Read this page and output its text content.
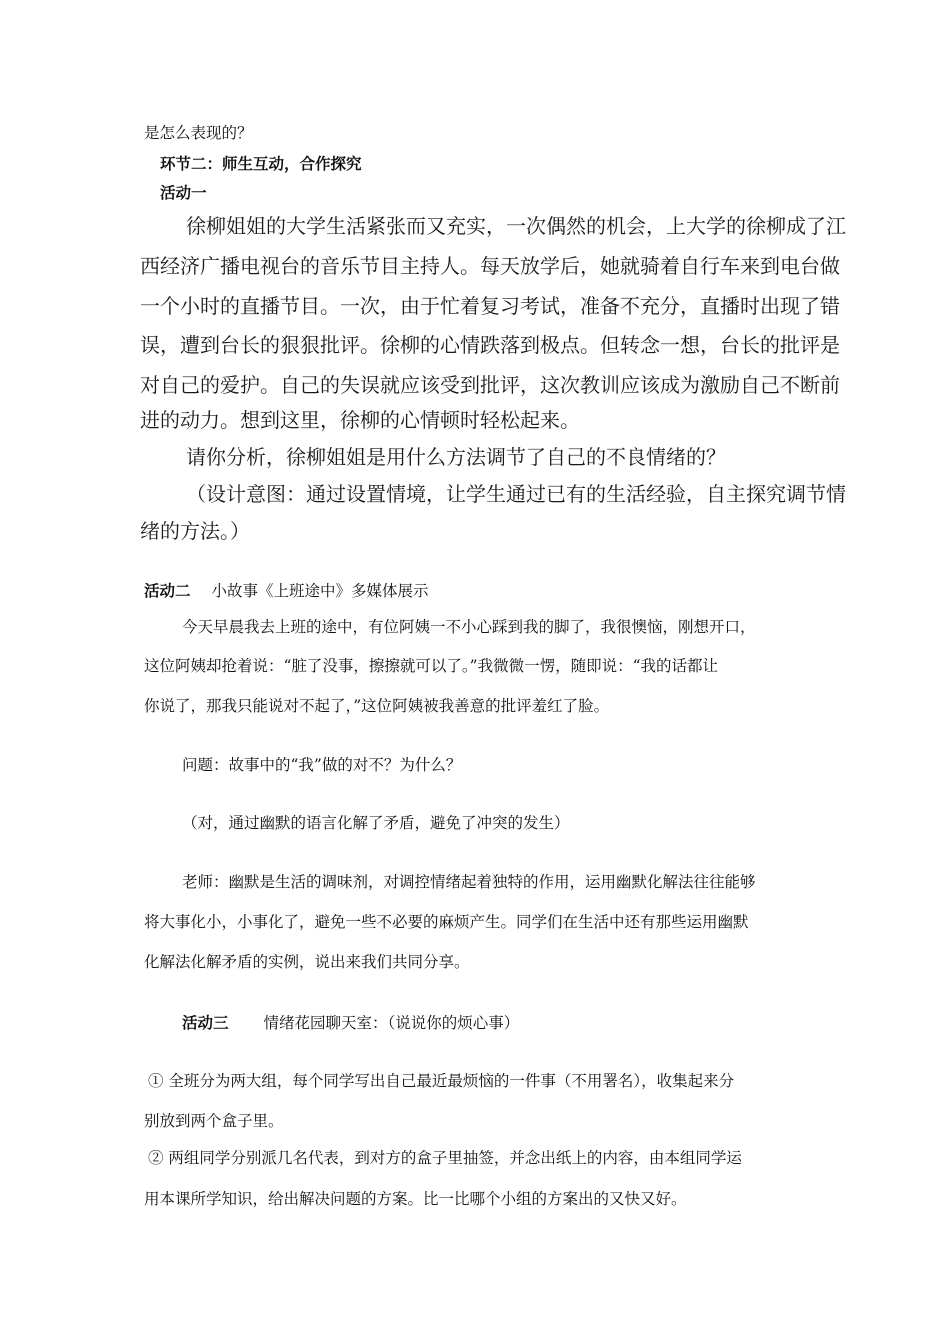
是怎么表现的？

环节二：师生互动，合作探究

活动一

徐柳姐姐的大学生活紧张而又充实，一次偶然的机会，上大学的徐柳成了江

西经济广播电视台的音乐节目主持人。每天放学后，她就骑着自行车来到电台做

一个小时的直播节目。一次，由于忙着复习考试，准备不充分，直播时出现了错

误，遭到台长的狠狠批评。徐柳的心情跌落到极点。但转念一想，台长的批评是

对自己的爱护。自己的失误就应该受到批评，这次教训应该成为激励自己不断前

进的动力。想到这里，徐柳的心情顿时轻松起来。

请你分析，徐柳姐姐是用什么方法调节了自己的不良情绪的？

（设计意图：通过设置情境，让学生通过已有的生活经验，自主探究调节情

绪的方法。）

活动二 小故事《上班途中》多媒体展示

今天早晨我去上班的途中，有位阿姨一不小心踩到我的脚了，我很懊恼，刚想开口，

这位阿姨却抢着说：“脏了没事，擦擦就可以了。”我微微一愣，随即说：“我的话都让

你说了，那我只能说对不起了，”这位阿姨被我善意的批评羞红了脸。

问题：故事中的“我”做的对不？为什么？

（对，通过幽默的语言化解了矛盾，避免了冲突的发生）

老师：幽默是生活的调味剂，对调控情绪起着独特的作用，运用幽默化解法往往能够

将大事化小，小事化了，避免一些不必要的麻烦产生。同学们在生活中还有那些运用幽默

化解法化解矛盾的实例，说出来我们共同分享。

活动三 情绪花园聊天室：（说说你的烦心事）

① 全班分为两大组，每个同学写出自己最近最烦恼的一件事（不用署名），收集起来分

别放到两个盒子里。

② 两组同学分别派几名代表，到对方的盒子里抽签，并念出纸上的内容，由本组同学运

用本课所学知识，给出解决问题的方案。比一比哪个小组的方案出的又快又好。
